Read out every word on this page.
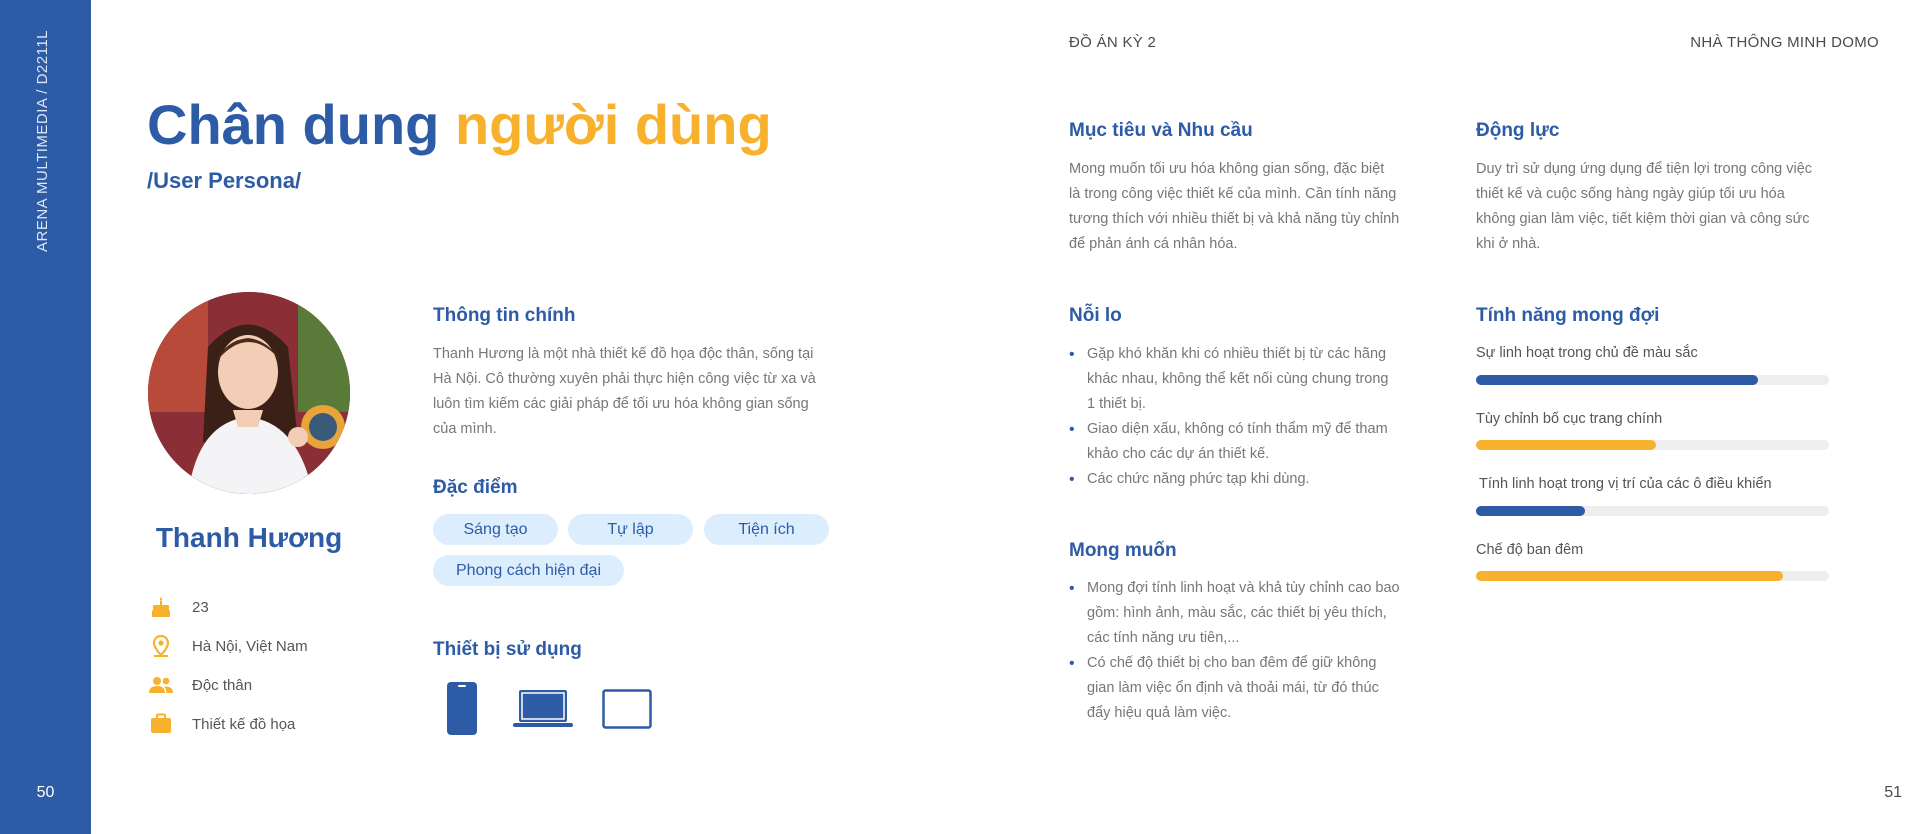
ARENA MULTIMEDIA / D2211L
50
ĐỒ ÁN KỲ 2	NHÀ THÔNG MINH DOMO
51
Chân dung người dùng
/User Persona/
Thanh Hương
23
Hà Nội, Việt Nam
Độc thân
Thiết kế đồ họa
Thông tin chính
Thanh Hương là một nhà thiết kế đồ họa độc thân, sống tại
Hà Nội. Cô thường xuyên phải thực hiện công việc từ xa và
luôn tìm kiếm các giải pháp để tối ưu hóa không gian sống
của mình.
Đặc điểm
Sáng tạo	Tự lập	Tiện ích
Phong cách hiện đại
Thiết bị sử dụng
Mục tiêu và Nhu cầu
Mong muốn tối ưu hóa không gian sống, đặc biệt
là trong công việc thiết kế của mình. Cần tính năng
tương thích với nhiều thiết bị và khả năng tùy chỉnh
để phản ánh cá nhân hóa.
Động lực
Duy trì sử dụng ứng dụng để tiện lợi trong công việc
thiết kế và cuộc sống hàng ngày giúp tối ưu hóa
không gian làm việc, tiết kiệm thời gian và công sức
khi ở nhà.
Nỗi lo
• Gặp khó khăn khi có nhiều thiết bị từ các hãng
khác nhau, không thể kết nối cùng chung trong
1 thiết bị.
• Giao diện xấu, không có tính thẩm mỹ để tham
khảo cho các dự án thiết kế.
• Các chức năng phức tạp khi dùng.
Mong muốn
• Mong đợi tính linh hoạt và khả tùy chỉnh cao bao
gồm: hình ảnh, màu sắc, các thiết bị yêu thích,
các tính năng ưu tiên,...
• Có chế độ thiết bị cho ban đêm để giữ không
gian làm việc ổn định và thoải mái, từ đó thúc
đẩy hiệu quả làm việc.
Tính năng mong đợi
Sự linh hoạt trong chủ đề màu sắc
Tùy chỉnh bố cục trang chính
Tính linh hoạt trong vị trí của các ô điều khiển
Chế độ ban đêm
